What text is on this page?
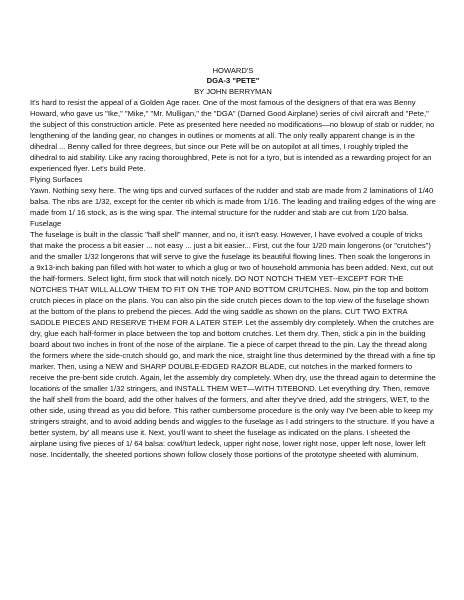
HOWARD'S
DGA-3 "PETE"
BY JOHN BERRYMAN

It's hard to resist the appeal of a Golden Age racer. One of the most famous of the designers of that era was Benny Howard, who gave us "Ike," "Mike," "Mr. Mulligan," the "DGA" (Darned Good Airplane) series of civil aircraft and "Pete," the subject of this construction article. Pete as presented here needed no modifications—no blowup of stab or rudder, no lengthening of the landing gear, no changes in outlines or moments at all. The only really apparent change is in the dihedral ... Benny called for three degrees, but since our Pete will be on autopilot at all times, I roughly tripled the dihedral to aid stability. Like any racing thoroughbred, Pete is not for a tyro, but is intended as a rewarding project for an experienced flyer. Let's build Pete.

Flying Surfaces

Yawn. Nothing sexy here. The wing tips and curved surfaces of the rudder and stab are made from 2 laminations of 1/40 balsa. The ribs are 1/32, except for the center rib which is made from 1/16. The leading and trailing edges of the wing are made from 1/ 16 stock, as is the wing spar. The internal structure for the rudder and stab are cut from 1/20 balsa.

Fuselage

The fuselage is built in the classic "half shell" manner, and no, it isn't easy. However, I have evolved a couple of tricks that make the process a bit easier ... not easy ... just a bit easier... First, cut the four 1/20 main longerons (or "crutches") and the smaller 1/32 longerons that will serve to give the fuselage its beautiful flowing lines. Then soak the longerons in a 9x13-inch baking pan filled with hot water to which a glug or two of household ammonia has been added. Next, cut out the half-formers. Select light, firm stock that will notch nicely. DO NOT NOTCH THEM YET--EXCEPT FOR THE NOTCHES THAT WILL ALLOW THEM TO FIT ON THE TOP AND BOTTOM CRUTCHES. Now, pin the top and bottom crutch pieces in place on the plans. You can also pin the side crutch pieces down to the top view of the fuselage shown at the bottom of the plans to prebend the pieces. Add the wing saddle as shown on the plans. CUT TWO EXTRA SADDLE PIECES AND RESERVE THEM FOR A LATER STEP. Let the assembly dry completely. When the crutches are dry, glue each half-former in place between the top and bottom crutches. Let them dry. Then, stick a pin in the building board about two inches in front of the nose of the airplane. Tie a piece of carpet thread to the pin. Lay the thread along the formers where the side-crutch should go, and mark the nice, straight line thus determined by the thread with a fine tip marker. Then, using a NEW and SHARP DOUBLE-EDGED RAZOR BLADE, cut notches in the marked formers to receive the pre-bent side crutch. Again, let the assembly dry completely. When dry, use the thread again to determine the locations of the smaller 1/32 stringers, and INSTALL THEM WET—WITH TITEBOND. Let everything dry. Then, remove the half shell from the board, add the other halves of the formers, and after they've dried, add the stringers, WET, to the other side, using thread as you did before. This rather cumbersome procedure is the only way I've been able to keep my stringers straight, and to avoid adding bends and wiggles to the fuselage as I add stringers to the structure. If you have a better system, by' all means use it. Next, you'll want to sheet the fuselage as indicated on the plans. I sheeted the airplane using five pieces of 1/ 64 balsa: cowl/turt ledeck, upper right nose, lower right nose, upper left nose, lower left nose. Incidentally, the sheeted portions shown follow closely those portions of the prototype sheeted with aluminum.
